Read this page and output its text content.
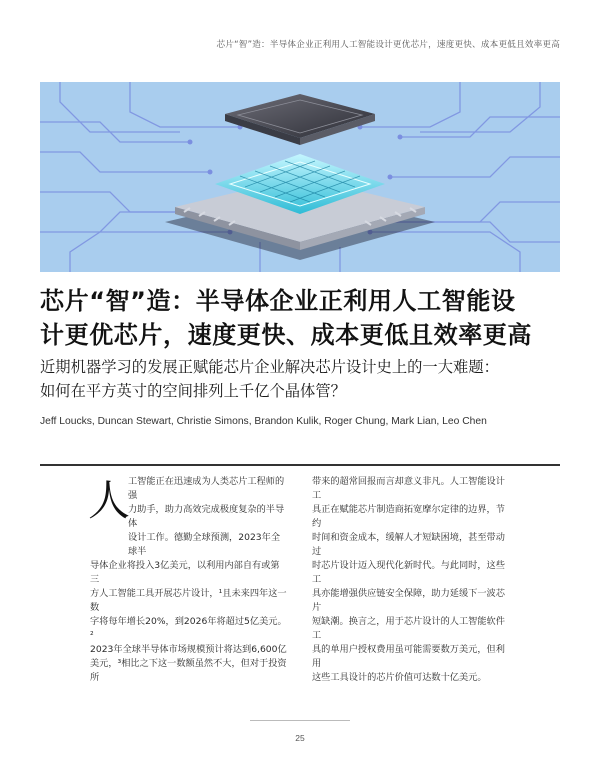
芯片“智”造：半导体企业正利用人工智能设计更优芯片，速度更快、成本更低且效率更高
芯片“智”造：半导体企业正利用人工智能设
计更优芯片，速度更快、成本更低且效率更高
近期机器学习的发展正赋能芯片企业解决芯片设计史上的一大难题：
如何在平方英寸的空间排列上千亿个晶体管？
Jeff Loucks, Duncan Stewart, Christie Simons, Brandon Kulik, Roger Chung, Mark Lian, Leo Chen
人
工智能正在迅速成为人类芯片工程师的强
力助手，助力高效完成极度复杂的半导体
设计工作。德勤全球预测，2023年全球半
导体企业将投入3亿美元，以利用内部自有或第三
方人工智能工具开展芯片设计，¹且未来四年这一数
字将每年增长20%，到2026年将超过5亿美元。²
2023年全球半导体市场规模预计将达到6,600亿
美元，³相比之下这一数额虽然不大，但对于投资所
带来的超常回报而言却意义非凡。人工智能设计工
具正在赋能芯片制造商拓宽摩尔定律的边界，节约
时间和资金成本，缓解人才短缺困境，甚至带动过
时芯片设计迈入现代化新时代。与此同时，这些工
具亦能增强供应链安全保障，助力延缓下一波芯片
短缺潮。换言之，用于芯片设计的人工智能软件工
具的单用户授权费用虽可能需要数万美元，但利用
这些工具设计的芯片价值可达数十亿美元。
25
